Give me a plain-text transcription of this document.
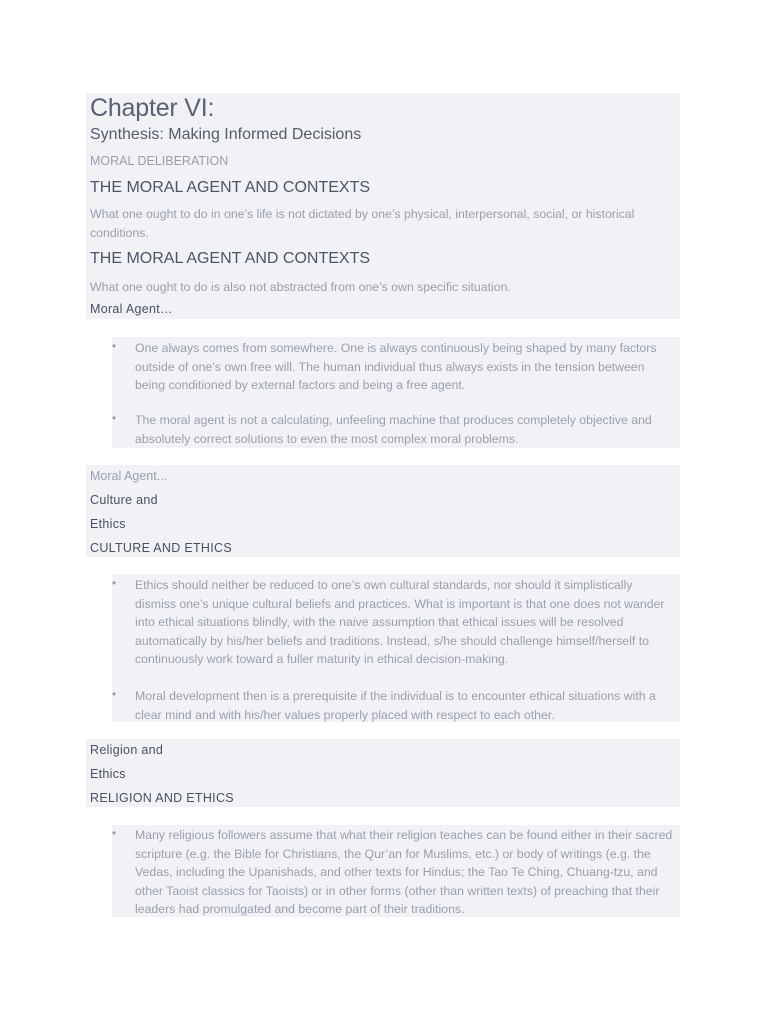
Chapter VI:
Synthesis: Making Informed Decisions
MORAL DELIBERATION
THE MORAL AGENT AND CONTEXTS
What one ought to do in one’s life is not dictated by one’s physical, interpersonal, social, or historical conditions.
THE MORAL AGENT AND CONTEXTS
What one ought to do is also not abstracted from one’s own specific situation.
Moral Agent…
• One always comes from somewhere. One is always continuously being shaped by many factors outside of one’s own free will. The human individual thus always exists in the tension between being conditioned by external factors and being a free agent.
• The moral agent is not a calculating, unfeeling machine that produces completely objective and absolutely correct solutions to even the most complex moral problems.
Moral Agent...
Culture and
Ethics
CULTURE AND ETHICS
• Ethics should neither be reduced to one’s own cultural standards, nor should it simplistically dismiss one’s unique cultural beliefs and practices. What is important is that one does not wander into ethical situations blindly, with the naive assumption that ethical issues will be resolved automatically by his/her beliefs and traditions. Instead, s/he should challenge himself/herself to continuously work toward a fuller maturity in ethical decision-making.
• Moral development then is a prerequisite if the individual is to encounter ethical situations with a clear mind and with his/her values properly placed with respect to each other.
Religion and
Ethics
RELIGION AND ETHICS
• Many religious followers assume that what their religion teaches can be found either in their sacred scripture (e.g. the Bible for Christians, the Qur’an for Muslims, etc.) or body of writings (e.g. the Vedas, including the Upanishads, and other texts for Hindus; the Tao Te Ching, Chuang-tzu, and other Taoist classics for Taoists) or in other forms (other than written texts) of preaching that their leaders had promulgated and become part of their traditions.
